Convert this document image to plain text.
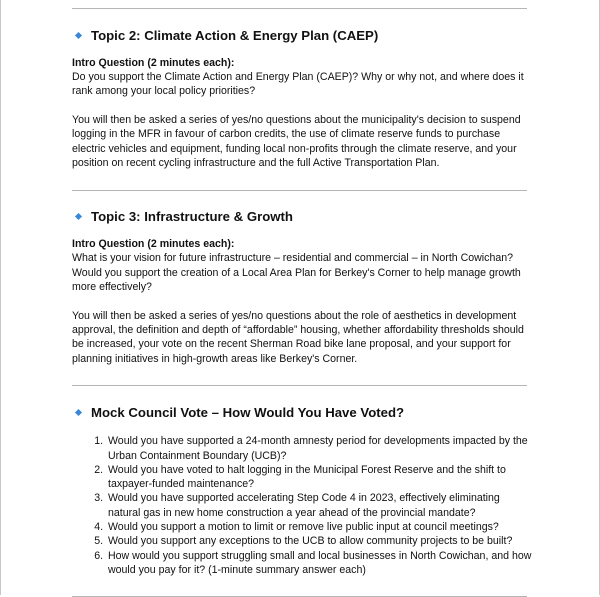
Topic 2: Climate Action & Energy Plan (CAEP)
Intro Question (2 minutes each):

Do you support the Climate Action and Energy Plan (CAEP)? Why or why not, and where does it rank among your local policy priorities?

You will then be asked a series of yes/no questions about the municipality's decision to suspend logging in the MFR in favour of carbon credits, the use of climate reserve funds to purchase electric vehicles and equipment, funding local non-profits through the climate reserve, and your position on recent cycling infrastructure and the full Active Transportation Plan.

Topic 3: Infrastructure & Growth
Intro Question (2 minutes each):

What is your vision for future infrastructure – residential and commercial – in North Cowichan? Would you support the creation of a Local Area Plan for Berkey's Corner to help manage growth more effectively?

You will then be asked a series of yes/no questions about the role of aesthetics in development approval, the definition and depth of “affordable” housing, whether affordability thresholds should be increased, your vote on the recent Sherman Road bike lane proposal, and your support for planning initiatives in high-growth areas like Berkey's Corner.

Mock Council Vote – How Would You Have Voted?
1. Would you have supported a 24-month amnesty period for developments impacted by the Urban Containment Boundary (UCB)?
2. Would you have voted to halt logging in the Municipal Forest Reserve and the shift to taxpayer-funded maintenance?
3. Would you have supported accelerating Step Code 4 in 2023, effectively eliminating natural gas in new home construction a year ahead of the provincial mandate?
4. Would you support a motion to limit or remove live public input at council meetings?
5. Would you support any exceptions to the UCB to allow community projects to be built?
6. How would you support struggling small and local businesses in North Cowichan, and how would you pay for it? (1-minute summary answer each)
